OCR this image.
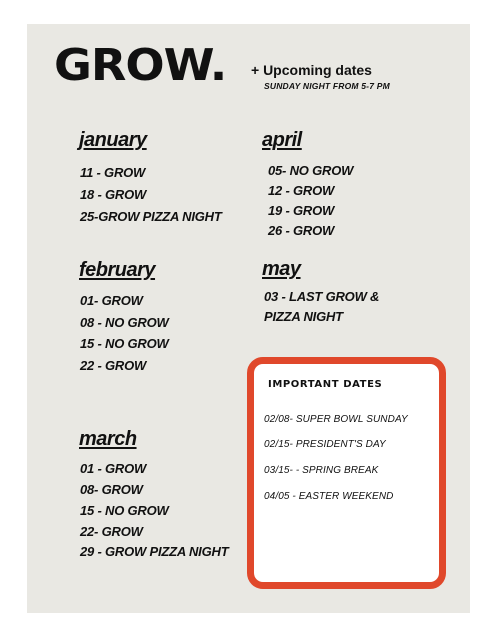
GROW. + Upcoming dates
SUNDAY NIGHT FROM 5-7 PM
january
11 - GROW
18 - GROW
25-GROW PIZZA NIGHT
february
01- GROW
08 - NO GROW
15 - NO GROW
22 - GROW
march
01 - GROW
08- GROW
15 - NO GROW
22- GROW
29 - GROW PIZZA NIGHT
april
05- NO GROW
12 - GROW
19 - GROW
26 - GROW
may
03 - LAST GROW &
PIZZA NIGHT
IMPORTANT DATES
02/08- SUPER BOWL SUNDAY
02/15- PRESIDENT'S DAY
03/15- - SPRING BREAK
04/05 - EASTER WEEKEND
